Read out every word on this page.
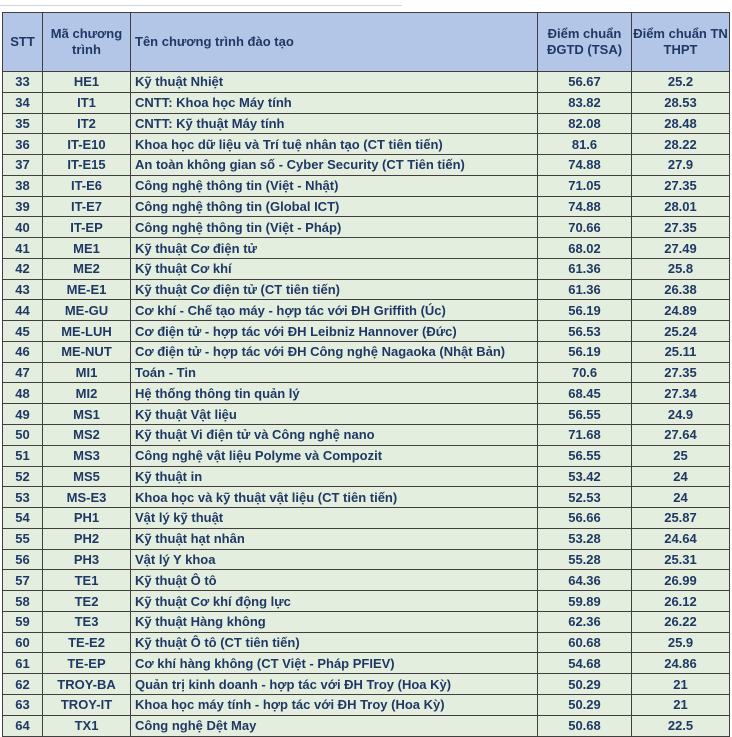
STT	Mã chương trình	Tên chương trình đào tạo	Điểm chuẩn ĐGTD (TSA)	Điểm chuẩn TN THPT
33	HE1	Kỹ thuật Nhiệt	56.67	25.2
34	IT1	CNTT: Khoa học Máy tính	83.82	28.53
35	IT2	CNTT: Kỹ thuật Máy tính	82.08	28.48
36	IT-E10	Khoa học dữ liệu và Trí tuệ nhân tạo (CT tiên tiến)	81.6	28.22
37	IT-E15	An toàn không gian số - Cyber Security (CT Tiên tiến)	74.88	27.9
38	IT-E6	Công nghệ thông tin (Việt - Nhật)	71.05	27.35
39	IT-E7	Công nghệ thông tin (Global ICT)	74.88	28.01
40	IT-EP	Công nghệ thông tin (Việt - Pháp)	70.66	27.35
41	ME1	Kỹ thuật Cơ điện tử	68.02	27.49
42	ME2	Kỹ thuật Cơ khí	61.36	25.8
43	ME-E1	Kỹ thuật Cơ điện tử (CT tiên tiến)	61.36	26.38
44	ME-GU	Cơ khí - Chế tạo máy - hợp tác với ĐH Griffith (Úc)	56.19	24.89
45	ME-LUH	Cơ điện tử - hợp tác với ĐH Leibniz Hannover (Đức)	56.53	25.24
46	ME-NUT	Cơ điện tử - hợp tác với ĐH Công nghệ Nagaoka (Nhật Bản)	56.19	25.11
47	MI1	Toán - Tin	70.6	27.35
48	MI2	Hệ thống thông tin quản lý	68.45	27.34
49	MS1	Kỹ thuật Vật liệu	56.55	24.9
50	MS2	Kỹ thuật Vi điện tử và Công nghệ nano	71.68	27.64
51	MS3	Công nghệ vật liệu Polyme và Compozit	56.55	25
52	MS5	Kỹ thuật in	53.42	24
53	MS-E3	Khoa học và kỹ thuật vật liệu (CT tiên tiến)	52.53	24
54	PH1	Vật lý kỹ thuật	56.66	25.87
55	PH2	Kỹ thuật hạt nhân	53.28	24.64
56	PH3	Vật lý Y khoa	55.28	25.31
57	TE1	Kỹ thuật Ô tô	64.36	26.99
58	TE2	Kỹ thuật Cơ khí động lực	59.89	26.12
59	TE3	Kỹ thuật Hàng không	62.36	26.22
60	TE-E2	Kỹ thuật Ô tô (CT tiên tiến)	60.68	25.9
61	TE-EP	Cơ khí hàng không (CT Việt - Pháp PFIEV)	54.68	24.86
62	TROY-BA	Quản trị kinh doanh - hợp tác với ĐH Troy (Hoa Kỳ)	50.29	21
63	TROY-IT	Khoa học máy tính - hợp tác với ĐH Troy (Hoa Kỳ)	50.29	21
64	TX1	Công nghệ Dệt May	50.68	22.5
